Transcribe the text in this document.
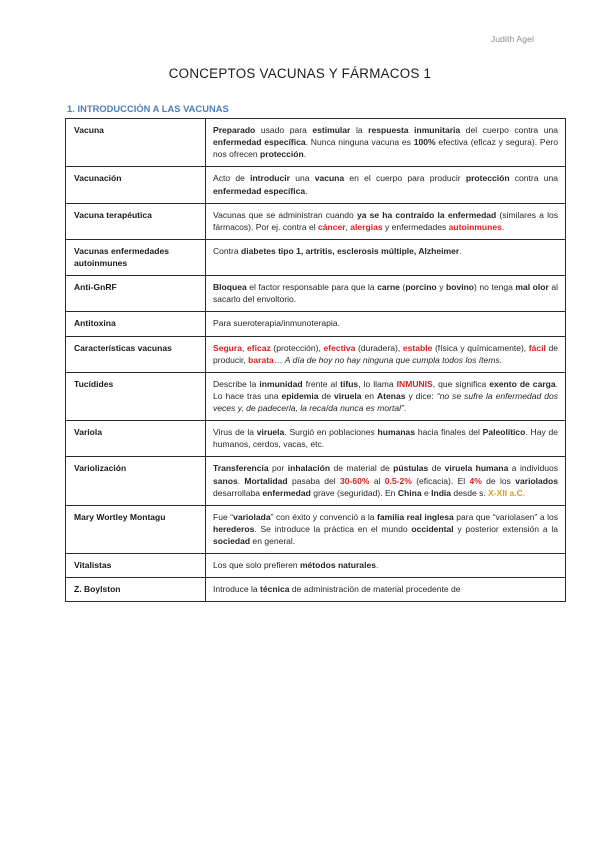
Judith Agel
CONCEPTOS VACUNAS Y FÁRMACOS 1
1. INTRODUCCIÓN A LAS VACUNAS
Vacuna	Preparado usado para estimular la respuesta inmunitaria del cuerpo contra una enfermedad específica. Nunca ninguna vacuna es 100% efectiva (eficaz y segura). Pero nos ofrecen protección.
Vacunación	Acto de introducir una vacuna en el cuerpo para producir protección contra una enfermedad específica.
Vacuna terapéutica	Vacunas que se administran cuando ya se ha contraído la enfermedad (similares a los fármacos). Por ej. contra el cáncer, alergias y enfermedades autoinmunes.
Vacunas enfermedades autoinmunes	Contra diabetes tipo 1, artritis, esclerosis múltiple, Alzheimer.
Anti-GnRF	Bloquea el factor responsable para que la carne (porcino y bovino) no tenga mal olor al sacarlo del envoltorio.
Antitoxina	Para sueroterapia/inmunoterapia.
Características vacunas	Segura, eficaz (protección), efectiva (duradera), estable (física y químicamente), fácil de producir, barata… A día de hoy no hay ninguna que cumpla todos los ítems.
Tucídides	Describe la inmunidad frente al tifus, lo llama INMUNIS, que significa exento de carga. Lo hace tras una epidemia de viruela en Atenas y dice: “no se sufre la enfermedad dos veces y, de padecerla, la recaída nunca es mortal”.
Variola	Virus de la viruela. Surgió en poblaciones humanas hacia finales del Paleolítico. Hay de humanos, cerdos, vacas, etc.
Variolización	Transferencia por inhalación de material de pústulas de viruela humana a individuos sanos. Mortalidad pasaba del 30-60% al 0.5-2% (eficacia). El 4% de los variolados desarrollaba enfermedad grave (seguridad). En China e India desde s. X-XII a.C.
Mary Wortley Montagu	Fue “variolada” con éxito y convenció a la familia real inglesa para que “variolasen” a los herederos. Se introduce la práctica en el mundo occidental y posterior extensión a la sociedad en general.
Vitalistas	Los que solo prefieren métodos naturales.
Z. Boylston	Introduce la técnica de administración de material procedente de
